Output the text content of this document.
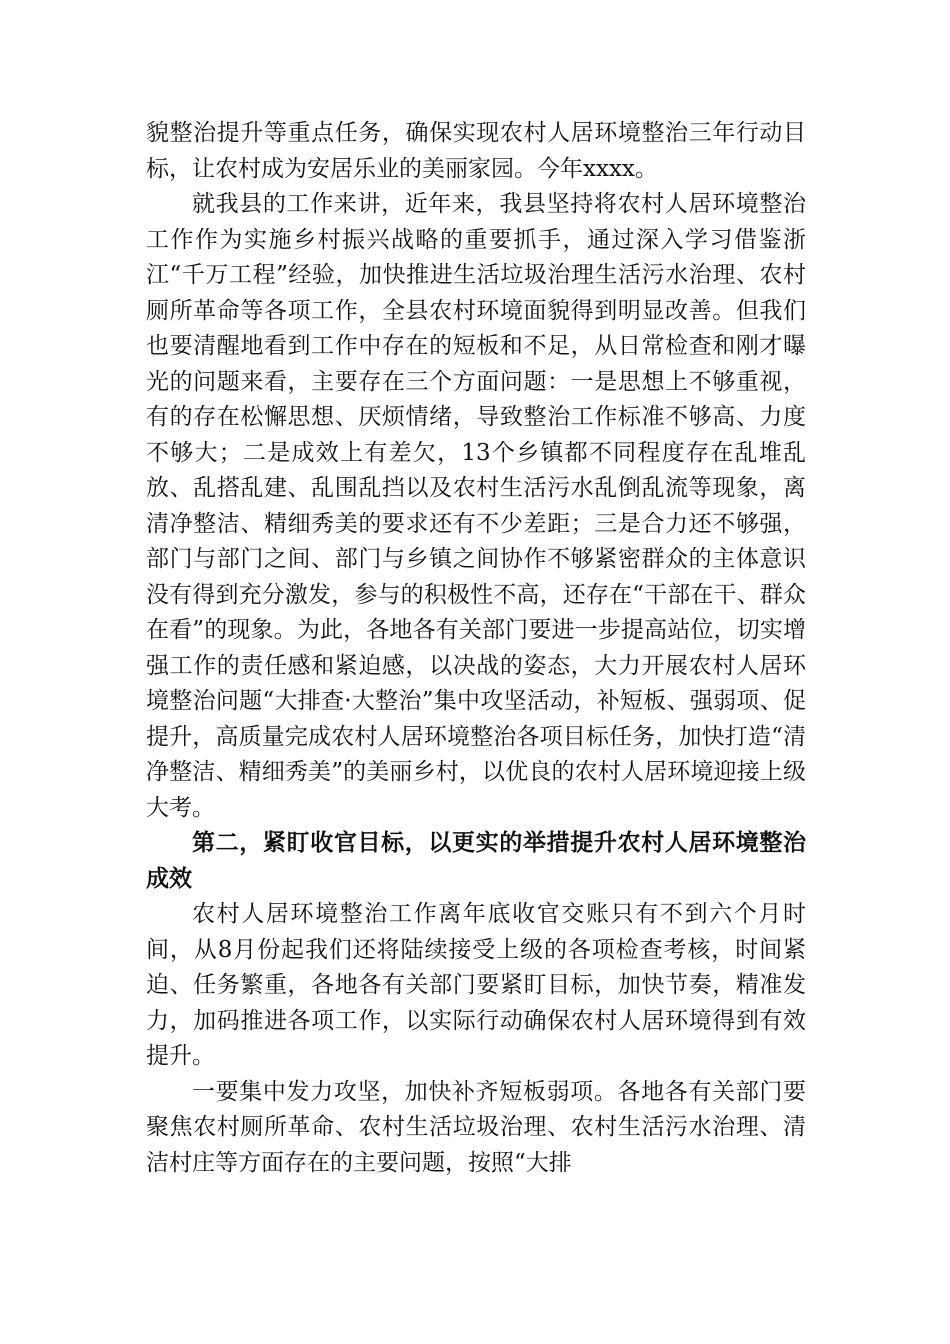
貌整治提升等重点任务，确保实现农村人居环境整治三年行动目标，让农村成为安居乐业的美丽家园。今年xxxx。

就我县的工作来讲，近年来，我县坚持将农村人居环境整治工作作为实施乡村振兴战略的重要抓手，通过深入学习借鉴浙江“千万工程”经验，加快推进生活垃圾治理生活污水治理、农村厕所革命等各项工作，全县农村环境面貌得到明显改善。但我们也要清醒地看到工作中存在的短板和不足，从日常检查和刚才曝光的问题来看，主要存在三个方面问题：一是思想上不够重视，有的存在松懈思想、厌烦情绪，导致整治工作标准不够高、力度不够大；二是成效上有差欠，13个乡镇都不同程度存在乱堆乱放、乱搭乱建、乱围乱挡以及农村生活污水乱倒乱流等现象，离清净整洁、精细秀美的要求还有不少差距；三是合力还不够强，部门与部门之间、部门与乡镇之间协作不够紧密群众的主体意识没有得到充分激发，参与的积极性不高，还存在“干部在干、群众在看”的现象。为此，各地各有关部门要进一步提高站位，切实增强工作的责任感和紧迫感，以决战的姿态，大力开展农村人居环境整治问题“大排查·大整治”集中攻坚活动，补短板、强弱项、促提升，高质量完成农村人居环境整治各项目标任务，加快打造“清净整洁、精细秀美”的美丽乡村，以优良的农村人居环境迎接上级大考。

第二，紧盯收官目标，以更实的举措提升农村人居环境整治成效

农村人居环境整治工作离年底收官交账只有不到六个月时间，从8月份起我们还将陆续接受上级的各项检查考核，时间紧迫、任务繁重，各地各有关部门要紧盯目标，加快节奏，精准发力，加码推进各项工作，以实际行动确保农村人居环境得到有效提升。

一要集中发力攻坚，加快补齐短板弱项。各地各有关部门要聚焦农村厕所革命、农村生活垃圾治理、农村生活污水治理、清洁村庄等方面存在的主要问题，按照“大排
